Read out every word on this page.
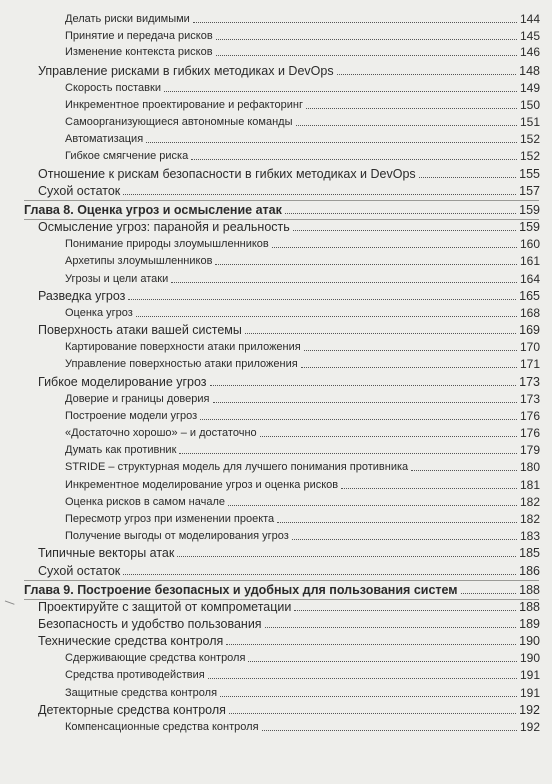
Делать риски видимыми	144
Принятие и передача рисков	145
Изменение контекста рисков	146
Управление рисками в гибких методиках и DevOps	148
Скорость поставки	149
Инкрементное проектирование и рефакторинг	150
Самоорганизующиеся автономные команды	151
Автоматизация	152
Гибкое смягчение риска	152
Отношение к рискам безопасности в гибких методиках и DevOps	155
Сухой остаток	157
Глава 8. Оценка угроз и осмысление атак	159
Осмысление угроз: паранойя и реальность	159
Понимание природы злоумышленников	160
Архетипы злоумышленников	161
Угрозы и цели атаки	164
Разведка угроз	165
Оценка угроз	168
Поверхность атаки вашей системы	169
Картирование поверхности атаки приложения	170
Управление поверхностью атаки приложения	171
Гибкое моделирование угроз	173
Доверие и границы доверия	173
Построение модели угроз	176
«Достаточно хорошо» – и достаточно	176
Думать как противник	179
STRIDE – структурная модель для лучшего понимания противника	180
Инкрементное моделирование угроз и оценка рисков	181
Оценка рисков в самом начале	182
Пересмотр угроз при изменении проекта	182
Получение выгоды от моделирования угроз	183
Типичные векторы атак	185
Сухой остаток	186
Глава 9. Построение безопасных и удобных для пользования систем	188
Проектируйте с защитой от компрометации	188
Безопасность и удобство пользования	189
Технические средства контроля	190
Сдерживающие средства контроля	190
Средства противодействия	191
Защитные средства контроля	191
Детекторные средства контроля	192
Компенсационные средства контроля	192
